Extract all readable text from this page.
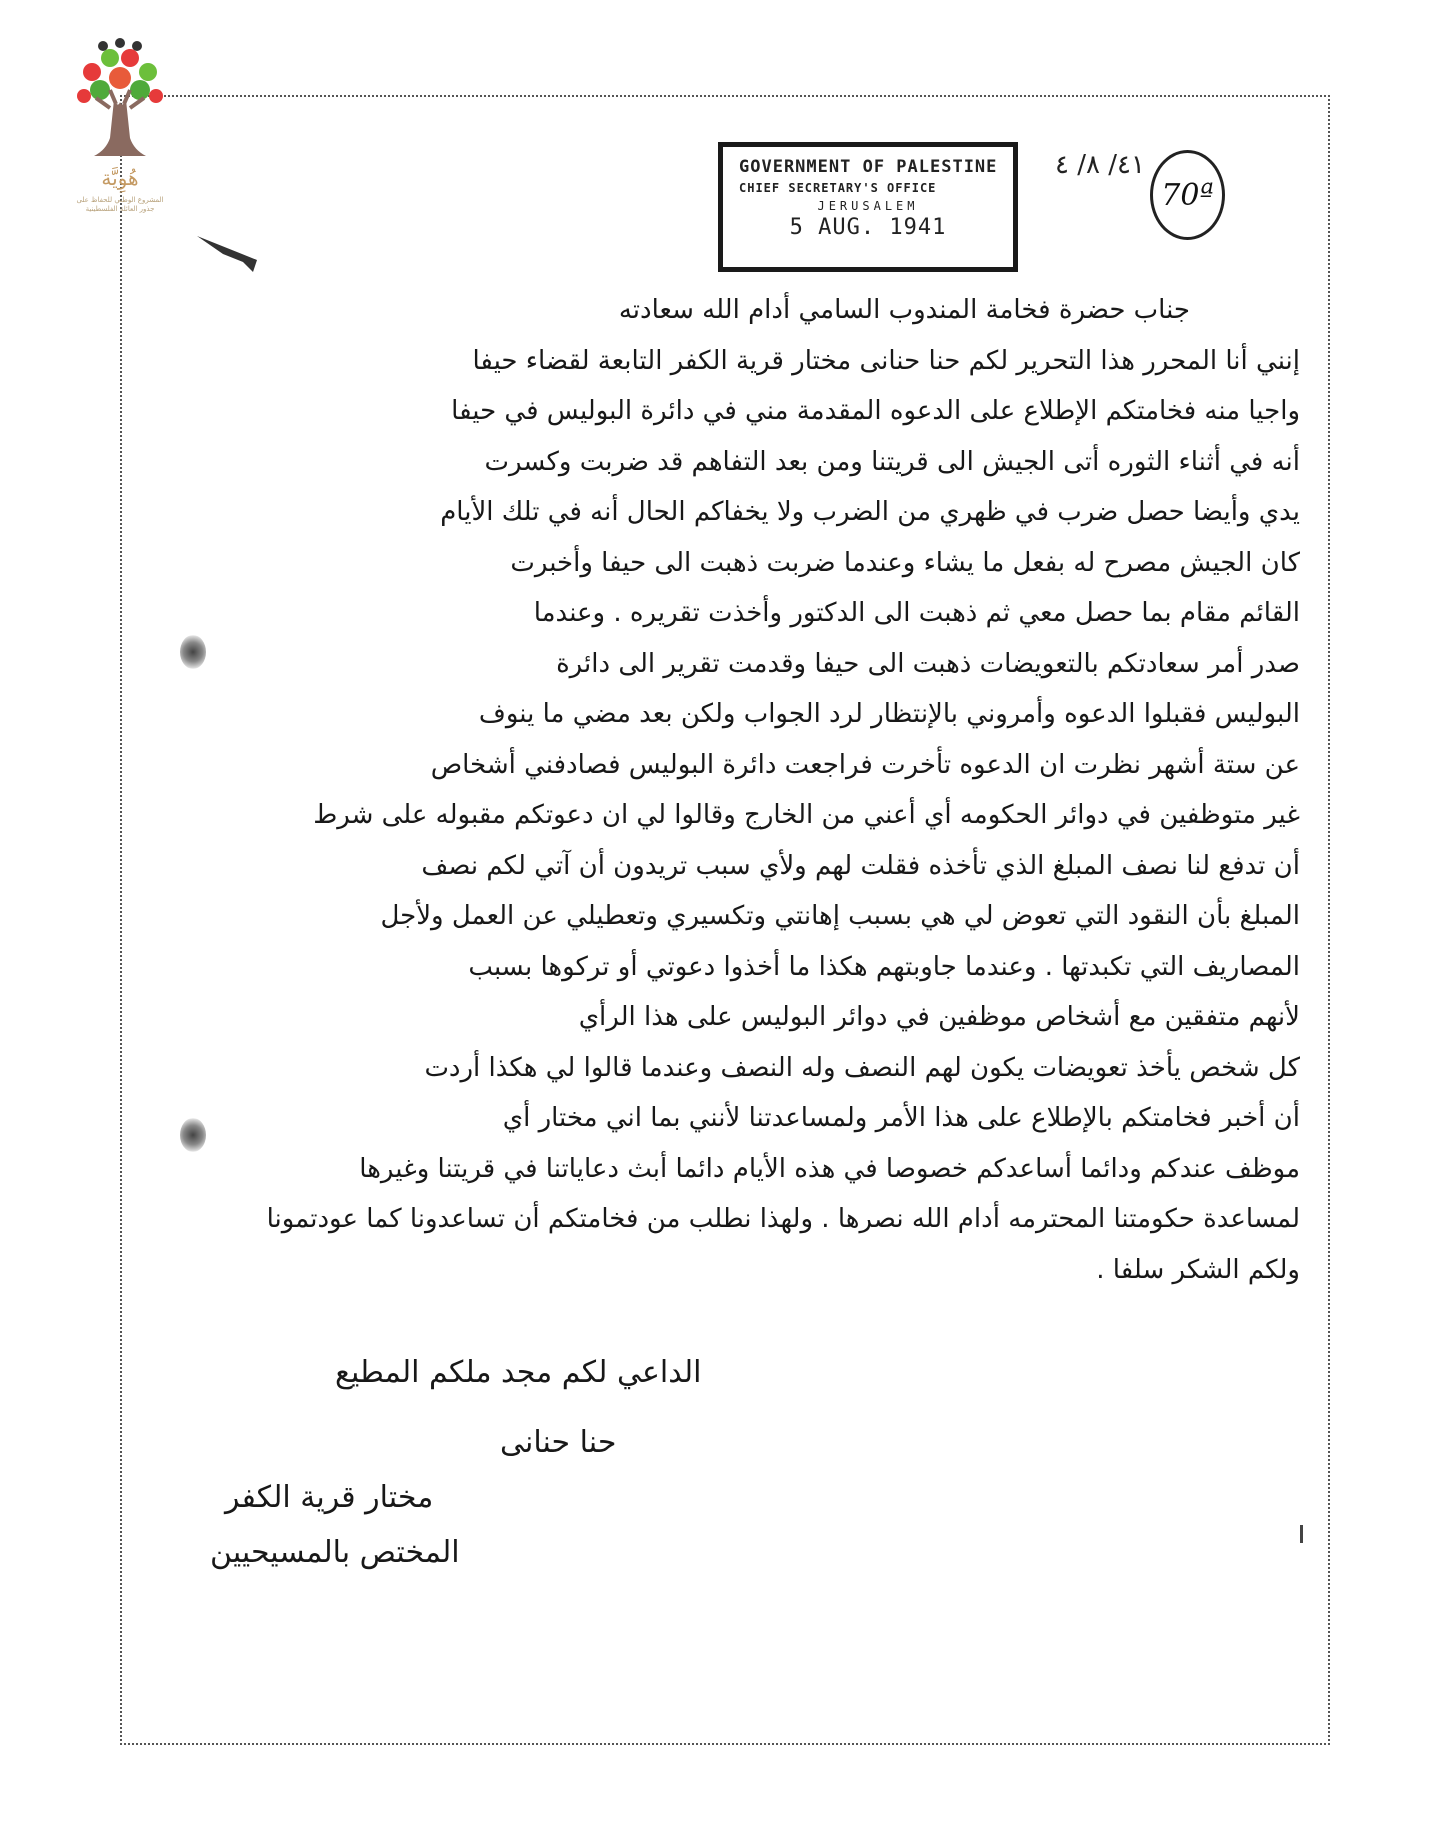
هُوِيَّة
المشروع الوطني للحفاظ على جذور العائلة الفلسطينية
GOVERNMENT OF PALESTINE
CHIEF SECRETARY'S OFFICE
JERUSALEM
5 AUG. 1941
٤١/ ٨/ ٤
70ª
جناب حضرة فخامة المندوب السامي أدام الله سعادته
إنني أنا المحرر هذا التحرير لكم حنا حنانى مختار قرية الكفر التابعة لقضاء حيفا
واجيا منه فخامتكم الإطلاع على الدعوه المقدمة مني في دائرة البوليس في حيفا
أنه في أثناء الثوره أتى الجيش الى قريتنا ومن بعد التفاهم قد ضربت وكسرت
يدي وأيضا حصل ضرب في ظهري من الضرب ولا يخفاكم الحال أنه في تلك الأيام
كان الجيش مصرح له بفعل ما يشاء وعندما ضربت ذهبت الى حيفا وأخبرت
القائم مقام بما حصل معي ثم ذهبت الى الدكتور وأخذت تقريره . وعندما
صدر أمر سعادتكم بالتعويضات ذهبت الى حيفا وقدمت تقرير الى دائرة
البوليس فقبلوا الدعوه وأمروني بالإنتظار لرد الجواب ولكن بعد مضي ما ينوف
عن ستة أشهر نظرت ان الدعوه تأخرت فراجعت دائرة البوليس فصادفني أشخاص
غير متوظفين في دوائر الحكومه أي أعني من الخارج وقالوا لي ان دعوتكم مقبوله على شرط
أن تدفع لنا نصف المبلغ الذي تأخذه فقلت لهم ولأي سبب تريدون أن آتي لكم نصف
المبلغ بأن النقود التي تعوض لي هي بسبب إهانتي وتكسيري وتعطيلي عن العمل ولأجل
المصاريف التي تكبدتها . وعندما جاوبتهم هكذا ما أخذوا دعوتي أو تركوها بسبب
لأنهم متفقين مع أشخاص موظفين في دوائر البوليس على هذا الرأي
كل شخص يأخذ تعويضات يكون لهم النصف وله النصف وعندما قالوا لي هكذا أردت
أن أخبر فخامتكم بالإطلاع على هذا الأمر ولمساعدتنا لأنني بما اني مختار أي
موظف عندكم ودائما أساعدكم خصوصا في هذه الأيام دائما أبث دعاياتنا في قريتنا وغيرها
لمساعدة حكومتنا المحترمه أدام الله نصرها . ولهذا نطلب من فخامتكم أن تساعدونا كما عودتمونا
ولكم الشكر سلفا .
الداعي لكم مجد ملكم المطيع
حنا حنانى
مختار قرية الكفر
المختص بالمسيحيين
